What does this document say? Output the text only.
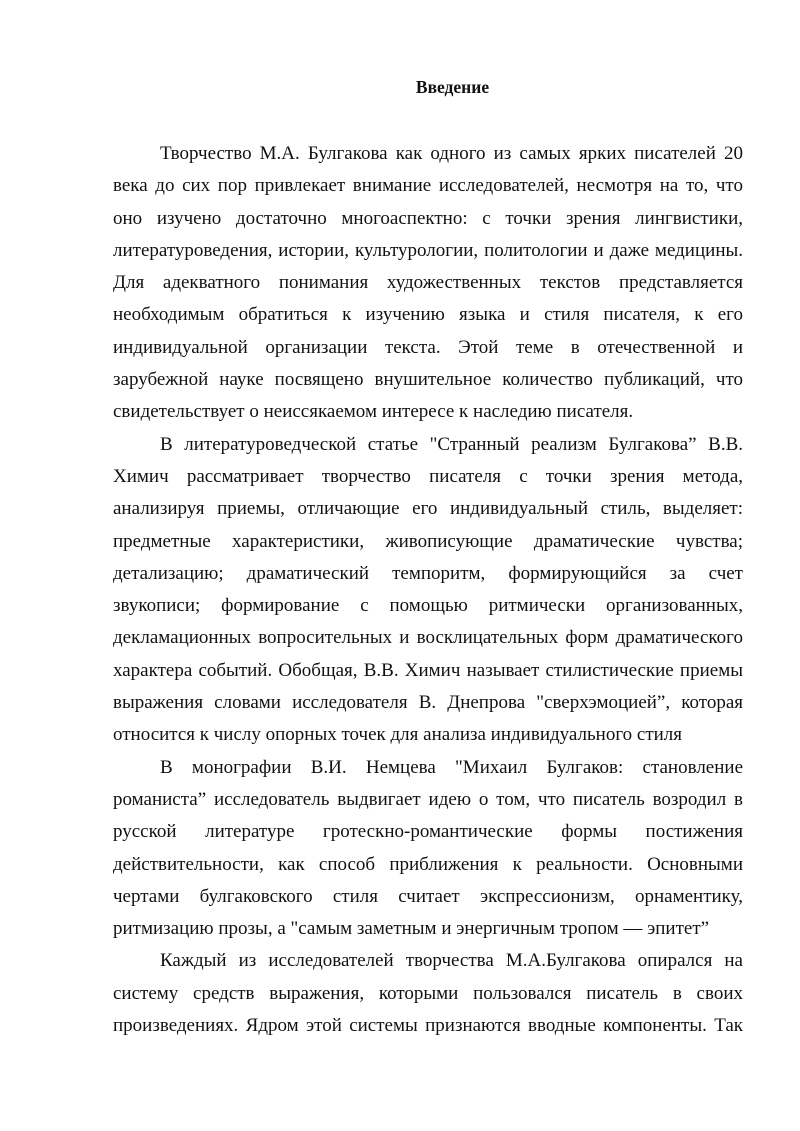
Введение

Творчество М.А. Булгакова как одного из самых ярких писателей 20 века до сих пор привлекает внимание исследователей, несмотря на то, что оно изучено достаточно многоаспектно: с точки зрения лингвистики, литературоведения, истории, культурологии, политологии и даже медицины. Для адекватного понимания художественных текстов представляется необходимым обратиться к изучению языка и стиля писателя, к его индивидуальной организации текста. Этой теме в отечественной и зарубежной науке посвящено внушительное количество публикаций, что свидетельствует о неиссякаемом интересе к наследию писателя.

В литературоведческой статье "Странный реализм Булгакова” В.В. Химич рассматривает творчество писателя с точки зрения метода, анализируя приемы, отличающие его индивидуальный стиль, выделяет: предметные характеристики, живописующие драматические чувства; детализацию; драматический темпоритм, формирующийся за счет звукописи; формирование с помощью ритмически организованных, декламационных вопросительных и восклицательных форм драматического характера событий. Обобщая, В.В. Химич называет стилистические приемы выражения словами исследователя В. Днепрова "сверхэмоцией”, которая относится к числу опорных точек для анализа индивидуального стиля

В монографии В.И. Немцева "Михаил Булгаков: становление романиста” исследователь выдвигает идею о том, что писатель возродил в русской литературе гротескно-романтические формы постижения действительности, как способ приближения к реальности. Основными чертами булгаковского стиля считает экспрессионизм, орнаментику, ритмизацию прозы, а "самым заметным и энергичным тропом — эпитет”

Каждый из исследователей творчества М.А.Булгакова опирался на систему средств выражения, которыми пользовался писатель в своих произведениях. Ядром этой системы признаются вводные компоненты. Так
